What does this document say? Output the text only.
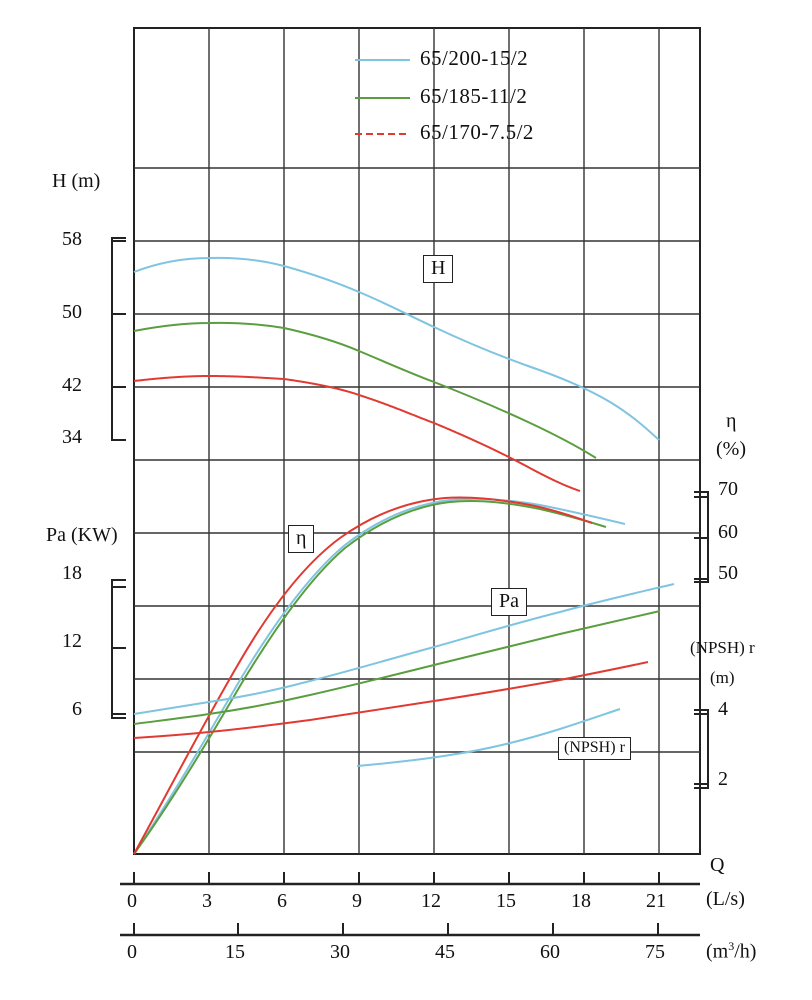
65/200-15/2
65/185-11/2
65/170-7.5/2
H (m)
Pa (KW)
η
(%)
(NPSH) r
(m)
58
50
42
34
18
12
6
70
60
50
4
2
0	3	6	9	12	15	18	21
0	15	30	45	60	75
Q
(L/s)
$(m^3/h)$
H
η
Pa
(NPSH) r
